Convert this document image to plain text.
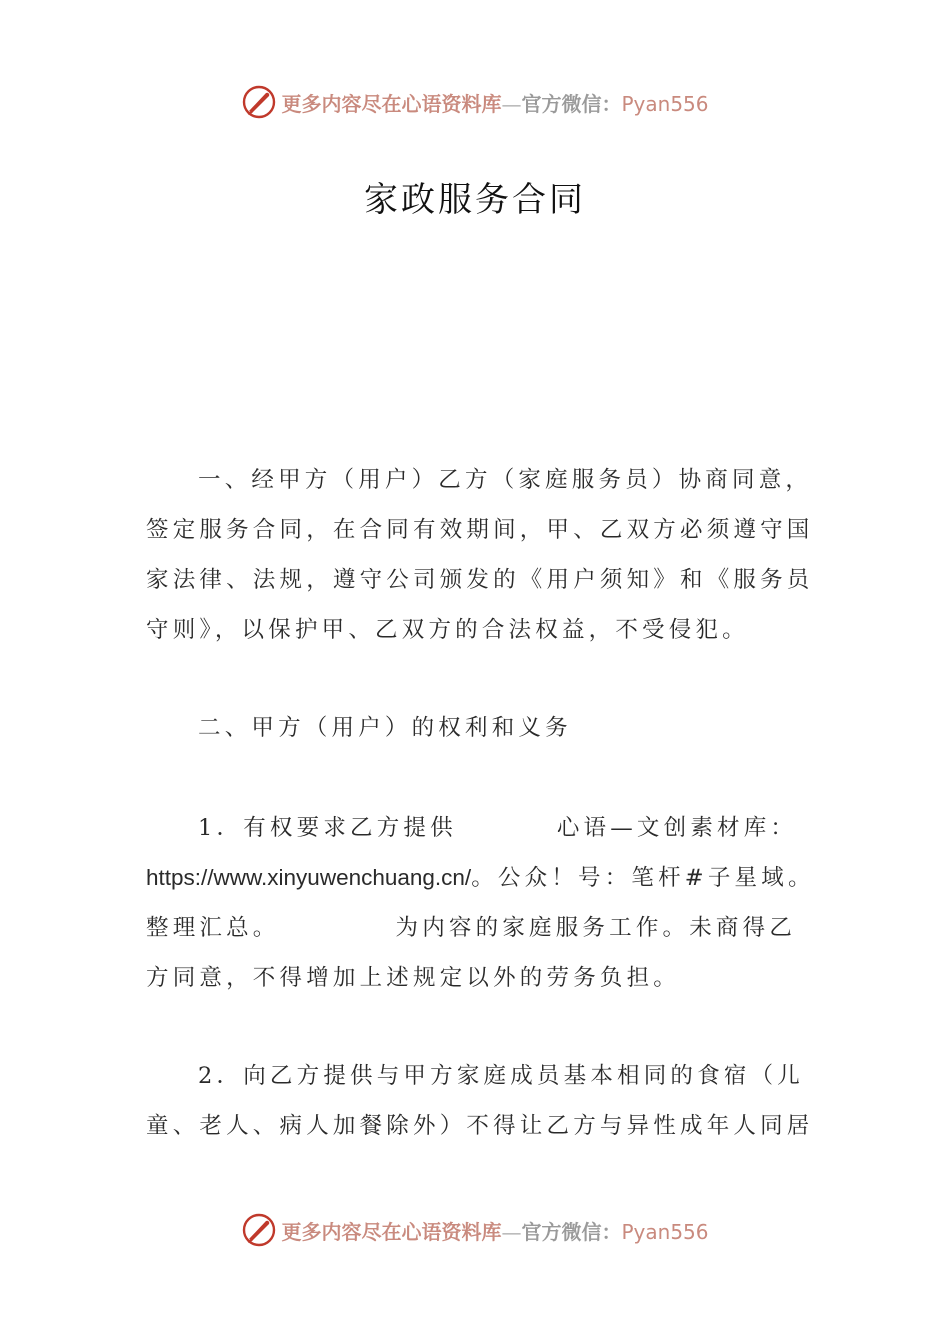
更多内容尽在心语资料库—官方微信：Pyan556
家政服务合同

一、经甲方（用户）乙方（家庭服务员）协商同意，签定服务合同，在合同有效期间，甲、乙双方必须遵守国家法律、法规，遵守公司颁发的《用户须知》和《服务员守则》，以保护甲、乙双方的合法权益，不受侵犯。

二、甲方（用户）的权利和义务

1．有权要求乙方提供	心语—文创素材库：https://www.xinyuwenchuang.cn/。公众！号：笔杆#子星域。整理汇总。	为内容的家庭服务工作。未商得乙方同意，不得增加上述规定以外的劳务负担。

2．向乙方提供与甲方家庭成员基本相同的食宿（儿童、老人、病人加餐除外）不得让乙方与异性成年人同居

更多内容尽在心语资料库—官方微信：Pyan556
